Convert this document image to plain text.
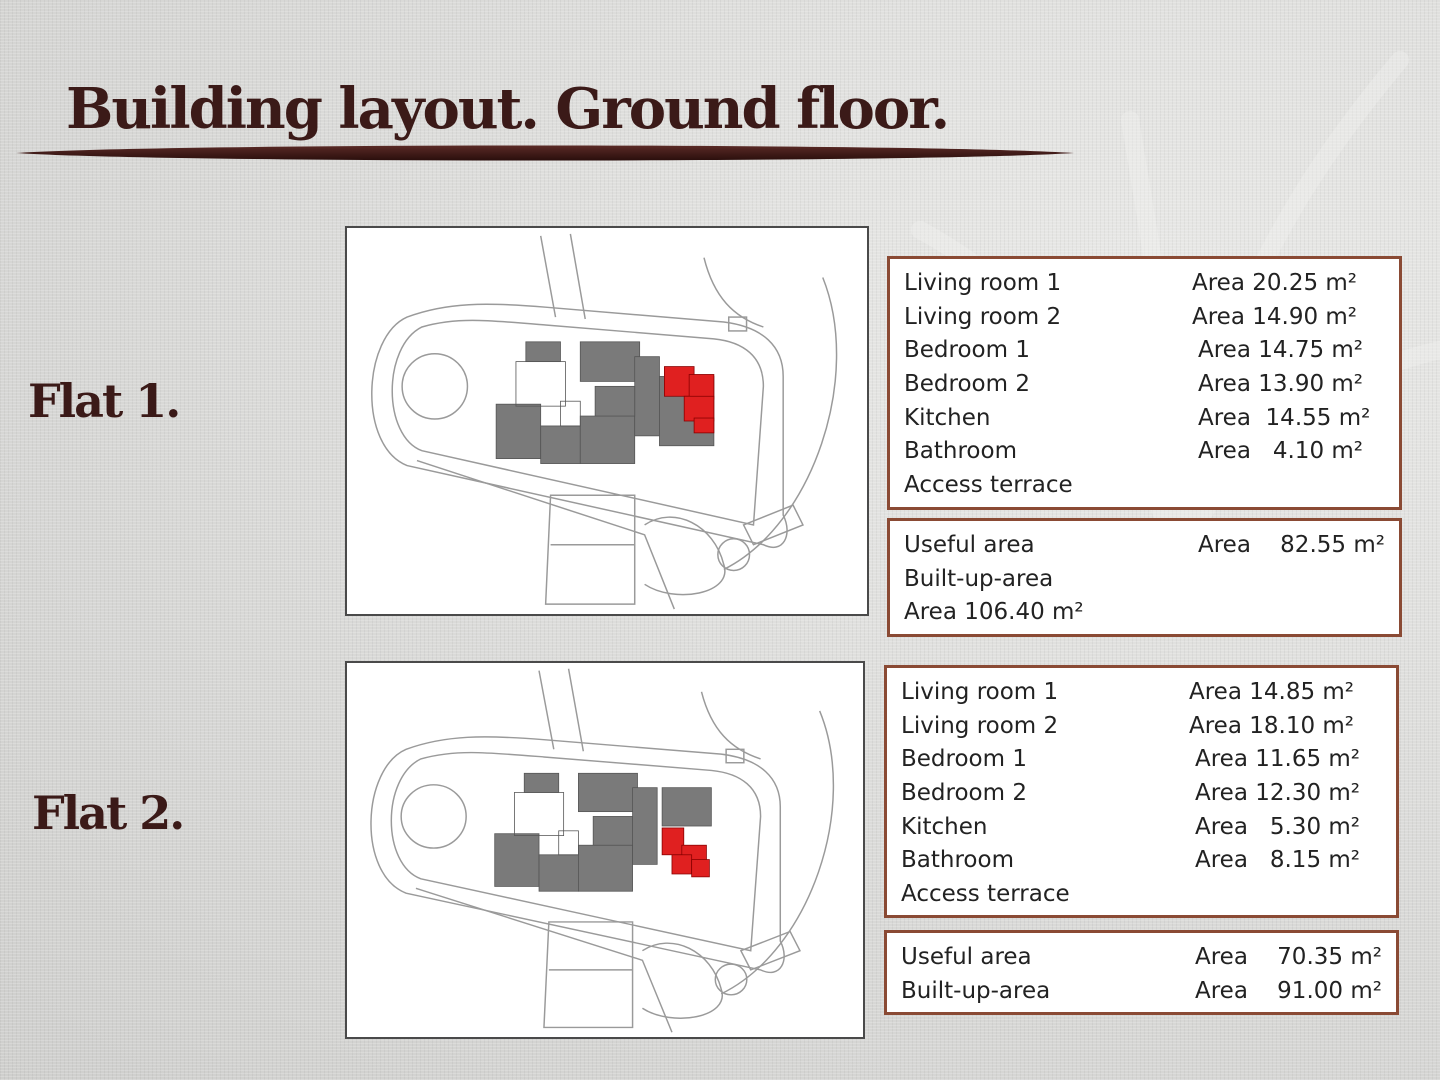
Building layout. Ground floor.
Flat 1.
Living room 1	Area 20.25 m²
Living room 2	Area 14.90 m²
Bedroom 1	Area 14.75 m²
Bedroom 2	Area 13.90 m²
Kitchen	Area  14.55 m²
Bathroom	Area   4.10 m²
Access terrace
Useful area	Area    82.55 m²
Built-up-area
Area 106.40 m²
Flat 2.
Living room 1	Area 14.85 m²
Living room 2	Area 18.10 m²
Bedroom 1	Area 11.65 m²
Bedroom 2	Area 12.30 m²
Kitchen	Area   5.30 m²
Bathroom	Area   8.15 m²
Access terrace
Useful area	Area    70.35 m²
Built-up-area	Area    91.00 m²
